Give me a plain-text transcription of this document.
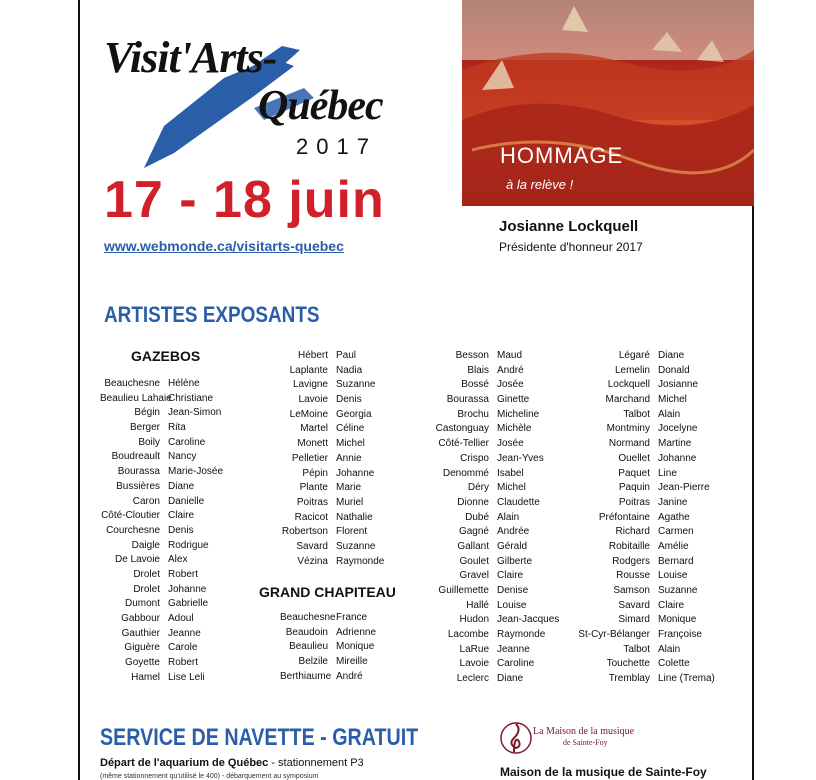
Visit'Arts-
Québec
2017
17 - 18 juin
www.webmonde.ca/visitarts-quebec
HOMMAGE
à la relève !
Josianne Lockquell
Présidente d'honneur 2017
ARTISTES EXPOSANTS
GAZEBOS
GRAND CHAPITEAU
Beauchesne Hélène
Beaulieu Lahaie
Christiane
Bégin Jean-Simon
Berger Rita
Boily Caroline
Boudreault Nancy
Bourassa Marie-Josée
Bussières Diane
Caron Danielle
Côté-Cloutier Claire
Courchesne Denis
Daigle Rodrigue
De Lavoie Alex
Drolet Robert
Drolet Johanne
Dumont Gabrielle
Gabbour Adoul
Gauthier Jeanne
Giguère Carole
Goyette Robert
Hamel Lise Leli
Hébert Paul
Laplante Nadia
Lavigne Suzanne
Lavoie Denis
LeMoine Georgia
Martel Céline
Monett Michel
Pelletier Annie
Pépin Johanne
Plante Marie
Poitras Muriel
Racicot Nathalie
Robertson Florent
Savard Suzanne
Vézina Raymonde
Beauchesne France
Beaudoin Adrienne
Beaulieu Monique
Belzile Mireille
Berthiaume André
Besson Maud
Blais André
Bossé Josée
Bourassa Ginette
Brochu Micheline
Castonguay Michèle
Côté-Tellier Josée
Crispo Jean-Yves
Denommé Isabel
Déry Michel
Dionne Claudette
Dubé Alain
Gagné Andrée
Gallant Gérald
Goulet Gilberte
Gravel Claire
Guillemette Denise
Hallé Louise
Hudon Jean-Jacques
Lacombe Raymonde
LaRue Jeanne
Lavoie Caroline
Leclerc Diane
Légaré Diane
Lemelin Donald
Lockquell Josianne
Marchand Michel
Talbot Alain
Montminy Jocelyne
Normand Martine
Ouellet Johanne
Paquet Line
Paquin Jean-Pierre
Poitras Janine
Préfontaine Agathe
Richard Carmen
Robitaille Amélie
Rodgers Bernard
Rousse Louise
Samson Suzanne
Savard Claire
Simard Monique
St-Cyr-Bélanger Françoise
Talbot Alain
Touchette Colette
Tremblay Line (Trema)
SERVICE DE NAVETTE - GRATUIT
Départ de l'aquarium de Québec - stationnement P3
(même stationnement qu'utilisé le 400) - débarquement au symposium
La Maison de la musique
de Sainte-Foy
Maison de la musique de Sainte-Foy
